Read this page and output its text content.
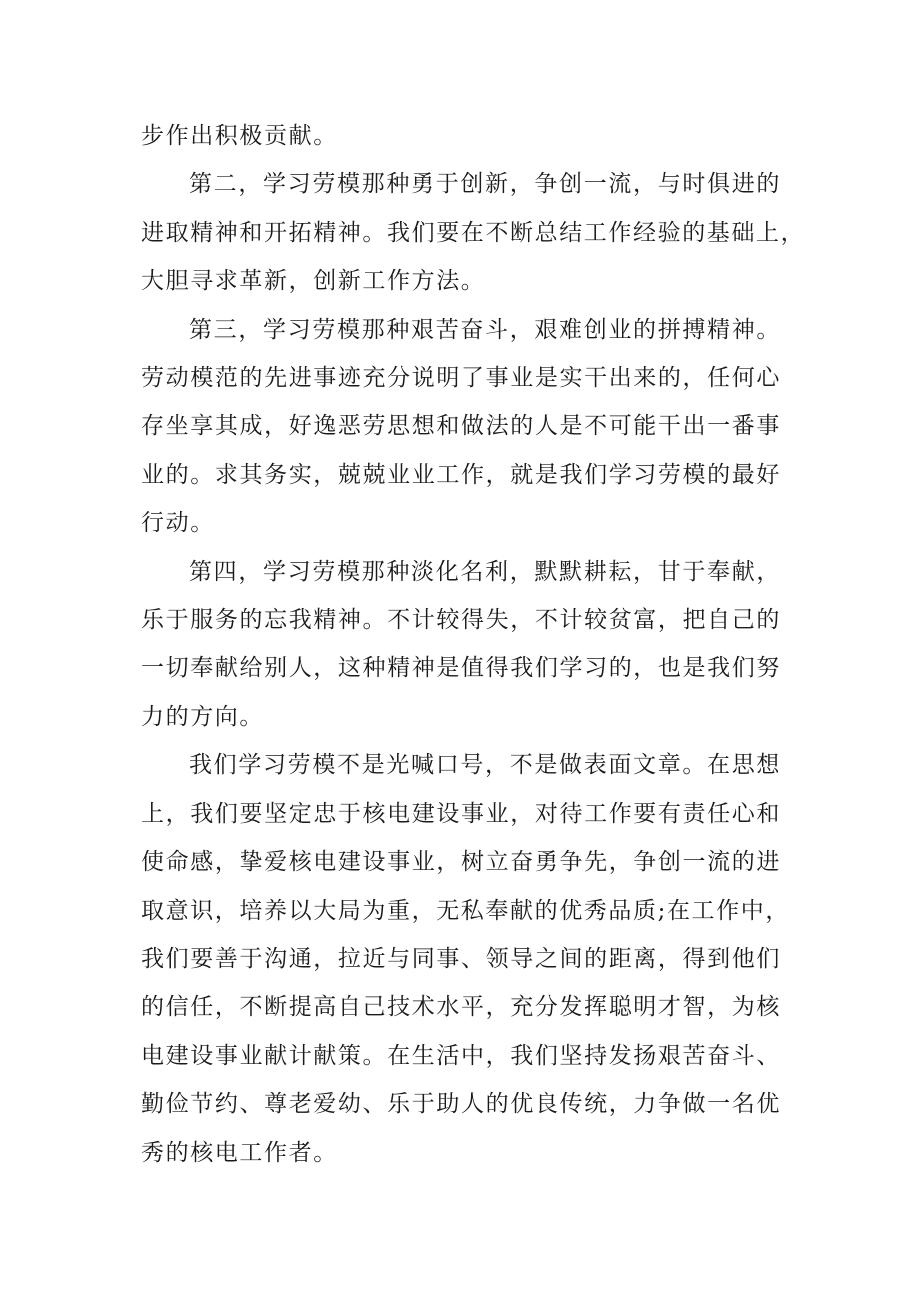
步作出积极贡献。
第二，学习劳模那种勇于创新，争创一流，与时俱进的
进取精神和开拓精神。我们要在不断总结工作经验的基础上，
大胆寻求革新，创新工作方法。
第三，学习劳模那种艰苦奋斗，艰难创业的拼搏精神。
劳动模范的先进事迹充分说明了事业是实干出来的，任何心
存坐享其成，好逸恶劳思想和做法的人是不可能干出一番事
业的。求其务实，兢兢业业工作，就是我们学习劳模的最好
行动。
第四，学习劳模那种淡化名利，默默耕耘，甘于奉献，
乐于服务的忘我精神。不计较得失，不计较贫富，把自己的
一切奉献给别人，这种精神是值得我们学习的，也是我们努
力的方向。
我们学习劳模不是光喊口号，不是做表面文章。在思想
上，我们要坚定忠于核电建设事业，对待工作要有责任心和
使命感，挚爱核电建设事业，树立奋勇争先，争创一流的进
取意识，培养以大局为重，无私奉献的优秀品质;在工作中，
我们要善于沟通，拉近与同事、领导之间的距离，得到他们
的信任，不断提高自己技术水平，充分发挥聪明才智，为核
电建设事业献计献策。在生活中，我们坚持发扬艰苦奋斗、
勤俭节约、尊老爱幼、乐于助人的优良传统，力争做一名优
秀的核电工作者。
